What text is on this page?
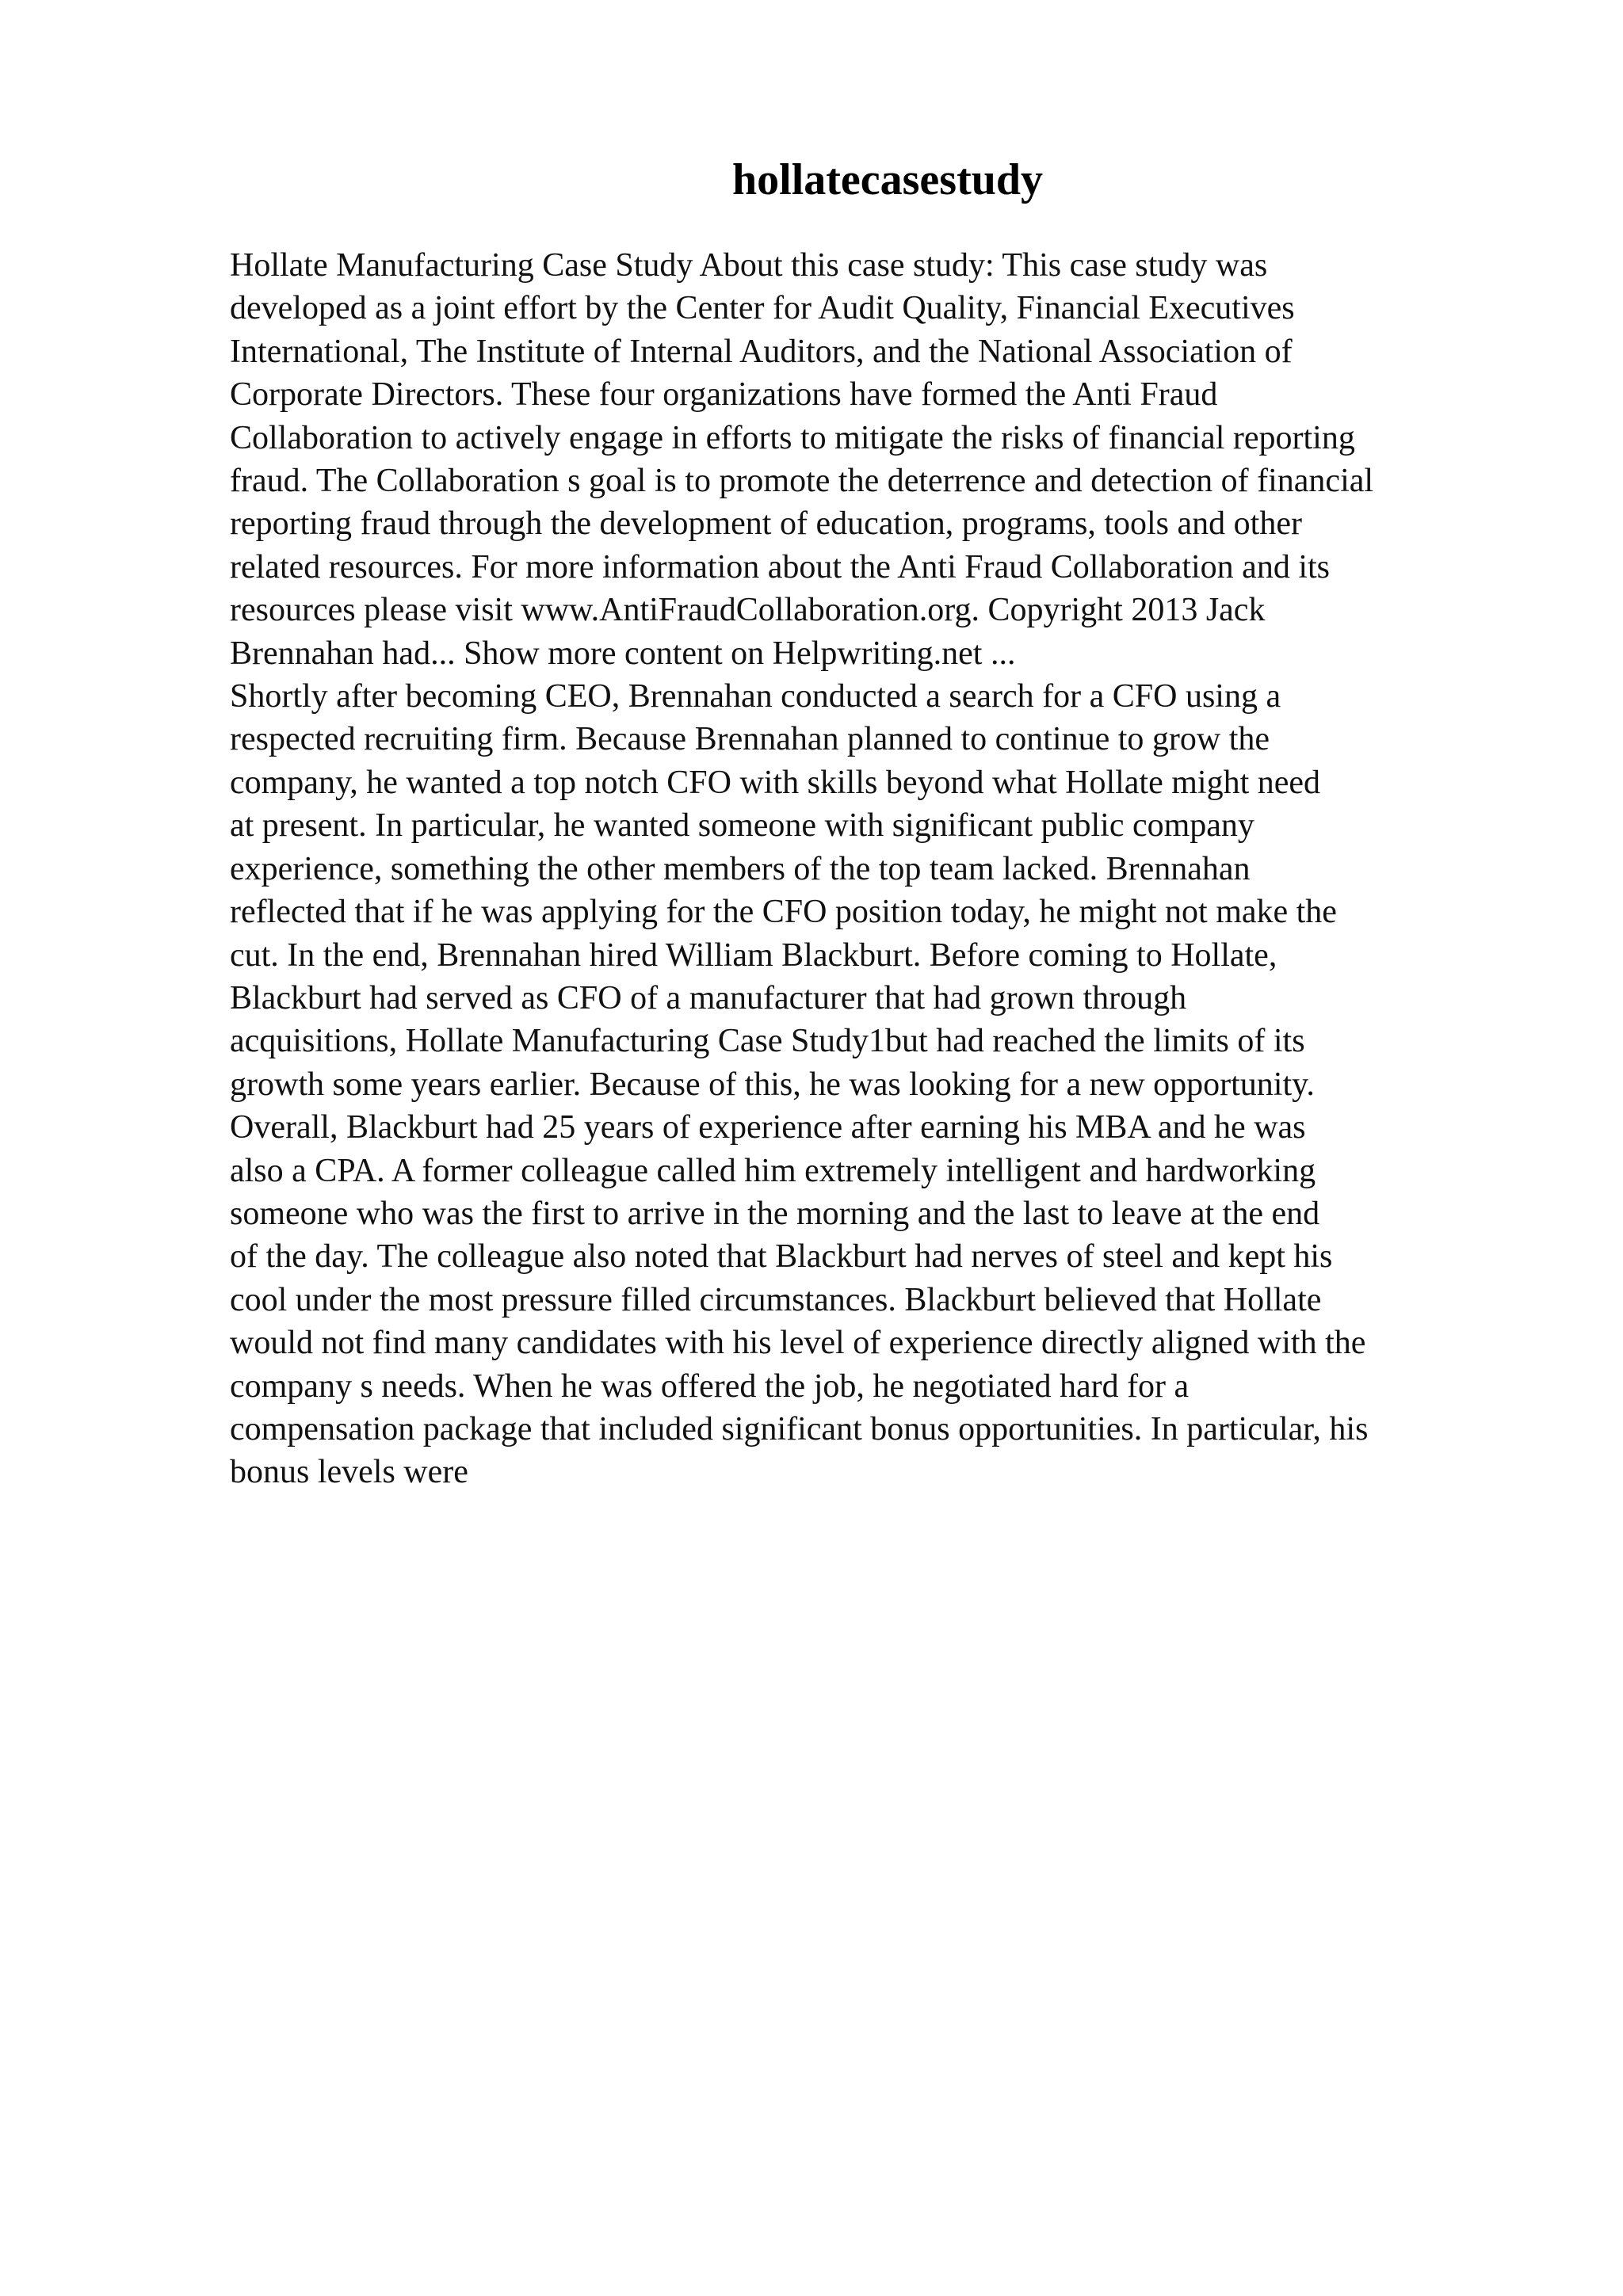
hollatecasestudy
Hollate Manufacturing Case Study About this case study: This case study was
developed as a joint effort by the Center for Audit Quality, Financial Executives
International, The Institute of Internal Auditors, and the National Association of
Corporate Directors. These four organizations have formed the Anti Fraud
Collaboration to actively engage in efforts to mitigate the risks of financial reporting
fraud. The Collaboration s goal is to promote the deterrence and detection of financial
reporting fraud through the development of education, programs, tools and other
related resources. For more information about the Anti Fraud Collaboration and its
resources please visit www.AntiFraudCollaboration.org. Copyright 2013 Jack
Brennahan had... Show more content on Helpwriting.net ...
Shortly after becoming CEO, Brennahan conducted a search for a CFO using a
respected recruiting firm. Because Brennahan planned to continue to grow the
company, he wanted a top notch CFO with skills beyond what Hollate might need
at present. In particular, he wanted someone with significant public company
experience, something the other members of the top team lacked. Brennahan
reflected that if he was applying for the CFO position today, he might not make the
cut. In the end, Brennahan hired William Blackburt. Before coming to Hollate,
Blackburt had served as CFO of a manufacturer that had grown through
acquisitions, Hollate Manufacturing Case Study1but had reached the limits of its
growth some years earlier. Because of this, he was looking for a new opportunity.
Overall, Blackburt had 25 years of experience after earning his MBA and he was
also a CPA. A former colleague called him extremely intelligent and hardworking
someone who was the first to arrive in the morning and the last to leave at the end
of the day. The colleague also noted that Blackburt had nerves of steel and kept his
cool under the most pressure filled circumstances. Blackburt believed that Hollate
would not find many candidates with his level of experience directly aligned with the
company s needs. When he was offered the job, he negotiated hard for a
compensation package that included significant bonus opportunities. In particular, his
bonus levels were
